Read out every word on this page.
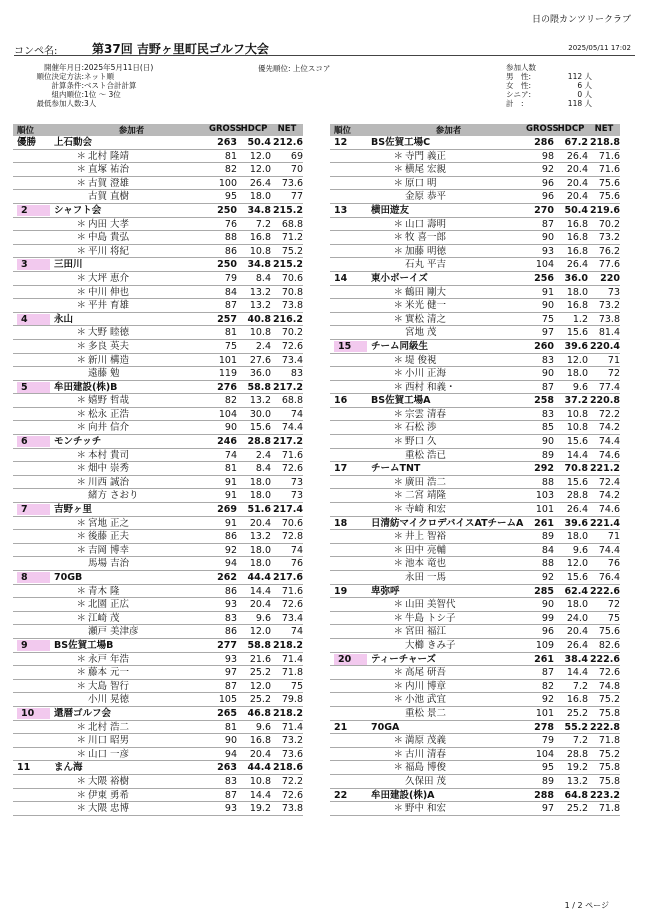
日の隈カンツリークラブ
コンペ名:	第37回 吉野ヶ里町民ゴルフ大会	2025/05/11 17:02
開催年月日: 2025年5月11日(日)
順位決定方法: ネット順
計算条件: ベスト合計計算
組内順位: 1位 ～ 3位
最低参加人数: 3人
優先順位: 上位スコア	参加人数
男　性:	112 人
女　性:	6 人
シニア:	0 人
計　:	118 人
順位	参加者	GROSS HDCP	NET
優勝	上石動会	263	50.4 212.6
＊ 北村 隆靖	81	12.0	69
＊ 直塚 祐治	82	12.0	70
＊ 古賀 澄雄	100	26.4	73.6
古賀 直樹	95	18.0	77
2	シャフト会	250	34.8 215.2
＊ 内田 大孝	76	7.2	68.8
＊ 中島 貴弘	88	16.8	71.2
＊ 平川 将紀	86	10.8	75.2
3	三田川	250	34.8 215.2
＊ 大坪 恵介	79	8.4	70.6
＊ 中川 伸也	84	13.2	70.8
＊ 平井 育雄	87	13.2	73.8
4	永山	257	40.8 216.2
＊ 大野 睦徳	81	10.8	70.2
＊ 多良 英夫	75	2.4	72.6
＊ 新川 構造	101	27.6	73.4
遠藤 勉	119	36.0	83
5	牟田建設(株)B	276	58.8 217.2
＊ 嬉野 哲哉	82	13.2	68.8
＊ 松永 正浩	104	30.0	74
＊ 向井 信介	90	15.6	74.4
6	モンチッチ	246	28.8 217.2
＊ 本村 貴司	74	2.4	71.6
＊ 畑中 崇秀	81	8.4	72.6
＊ 川西 誠治	91	18.0	73
緒方 さおり	91	18.0	73
7	吉野ヶ里	269	51.6 217.4
＊ 宮地 正之	91	20.4	70.6
＊ 後藤 正夫	86	13.2	72.8
＊ 吉岡 博幸	92	18.0	74
馬場 吉治	94	18.0	76
8	70GB	262	44.4 217.6
＊ 青木 隆	86	14.4	71.6
＊ 北園 正広	93	20.4	72.6
＊ 江崎 茂	83	9.6	73.4
瀬戸 美津彦	86	12.0	74
9	BS佐賀工場B	277	58.8 218.2
＊ 永戸 年浩	93	21.6	71.4
＊ 藤本 元一	97	25.2	71.8
＊ 大島 智行	87	12.0	75
小川 晃徳	105	25.2	79.8
10	還暦ゴルフ会	265	46.8 218.2
＊ 北村 浩二	81	9.6	71.4
＊ 川口 昭男	90	16.8	73.2
＊ 山口 一彦	94	20.4	73.6
11	まん海	263	44.4 218.6
＊ 大隈 裕樹	83	10.8	72.2
＊ 伊東 勇希	87	14.4	72.6
＊ 大隈 忠博	93	19.2	73.8
順位	参加者	GROSS HDCP	NET
12	BS佐賀工場C	286	67.2 218.8
＊ 寺門 義正	98	26.4	71.6
＊ 横尾 宏親	92	20.4	71.6
＊ 原口 明	96	20.4	75.6
金原 恭平	96	20.4	75.6
13	横田遊友	270	50.4 219.6
＊ 山口 壽明	87	16.8	70.2
＊ 牧 喜一郎	90	16.8	73.2
＊ 加藤 明徳	93	16.8	76.2
石丸 平吉	104	26.4	77.6
14	東小ボーイズ	256	36.0	220
＊ 鶴田 剛大	91	18.0	73
＊ 米光 健一	90	16.8	73.2
＊ 實松 清之	75	1.2	73.8
宮地 茂	97	15.6	81.4
15	チーム同級生	260	39.6 220.4
＊ 堤 俊視	83	12.0	71
＊ 小川 正海	90	18.0	72
＊ 西村 和義・	87	9.6	77.4
16	BS佐賀工場A	258	37.2 220.8
＊ 宗雲 清春	83	10.8	72.2
＊ 石松 渉	85	10.8	74.2
＊ 野口 久	90	15.6	74.4
重松 浩已	89	14.4	74.6
17	チームTNT	292	70.8 221.2
＊ 廣田 浩二	88	15.6	72.4
＊ 二宮 靖隆	103	28.8	74.2
＊ 寺崎 和宏	101	26.4	74.6
18	日清紡マイクロデバイスATチームA	261	39.6 221.4
＊ 井上 智裕	89	18.0	71
＊ 田中 亮輔	84	9.6	74.4
＊ 池本 竜也	88	12.0	76
永田 一馬	92	15.6	76.4
19	卑弥呼	285	62.4 222.6
＊ 山田 美智代	90	18.0	72
＊ 牛島 トシ子	99	24.0	75
＊ 宮田 福江	96	20.4	75.6
大櫛 きみ子	109	26.4	82.6
20	ティーチャーズ	261	38.4 222.6
＊ 高尾 研吾	87	14.4	72.6
＊ 内川 博章	82	7.2	74.8
＊ 小池 武宜	92	16.8	75.2
重松 景二	101	25.2	75.8
21	70GA	278	55.2 222.8
＊ 満原 茂義	79	7.2	71.8
＊ 古川 清春	104	28.8	75.2
＊ 福島 博俊	95	19.2	75.8
久保田 茂	89	13.2	75.8
22	牟田建設(株)A	288	64.8 223.2
＊ 野中 和宏	97	25.2	71.8
1 / 2 ページ
